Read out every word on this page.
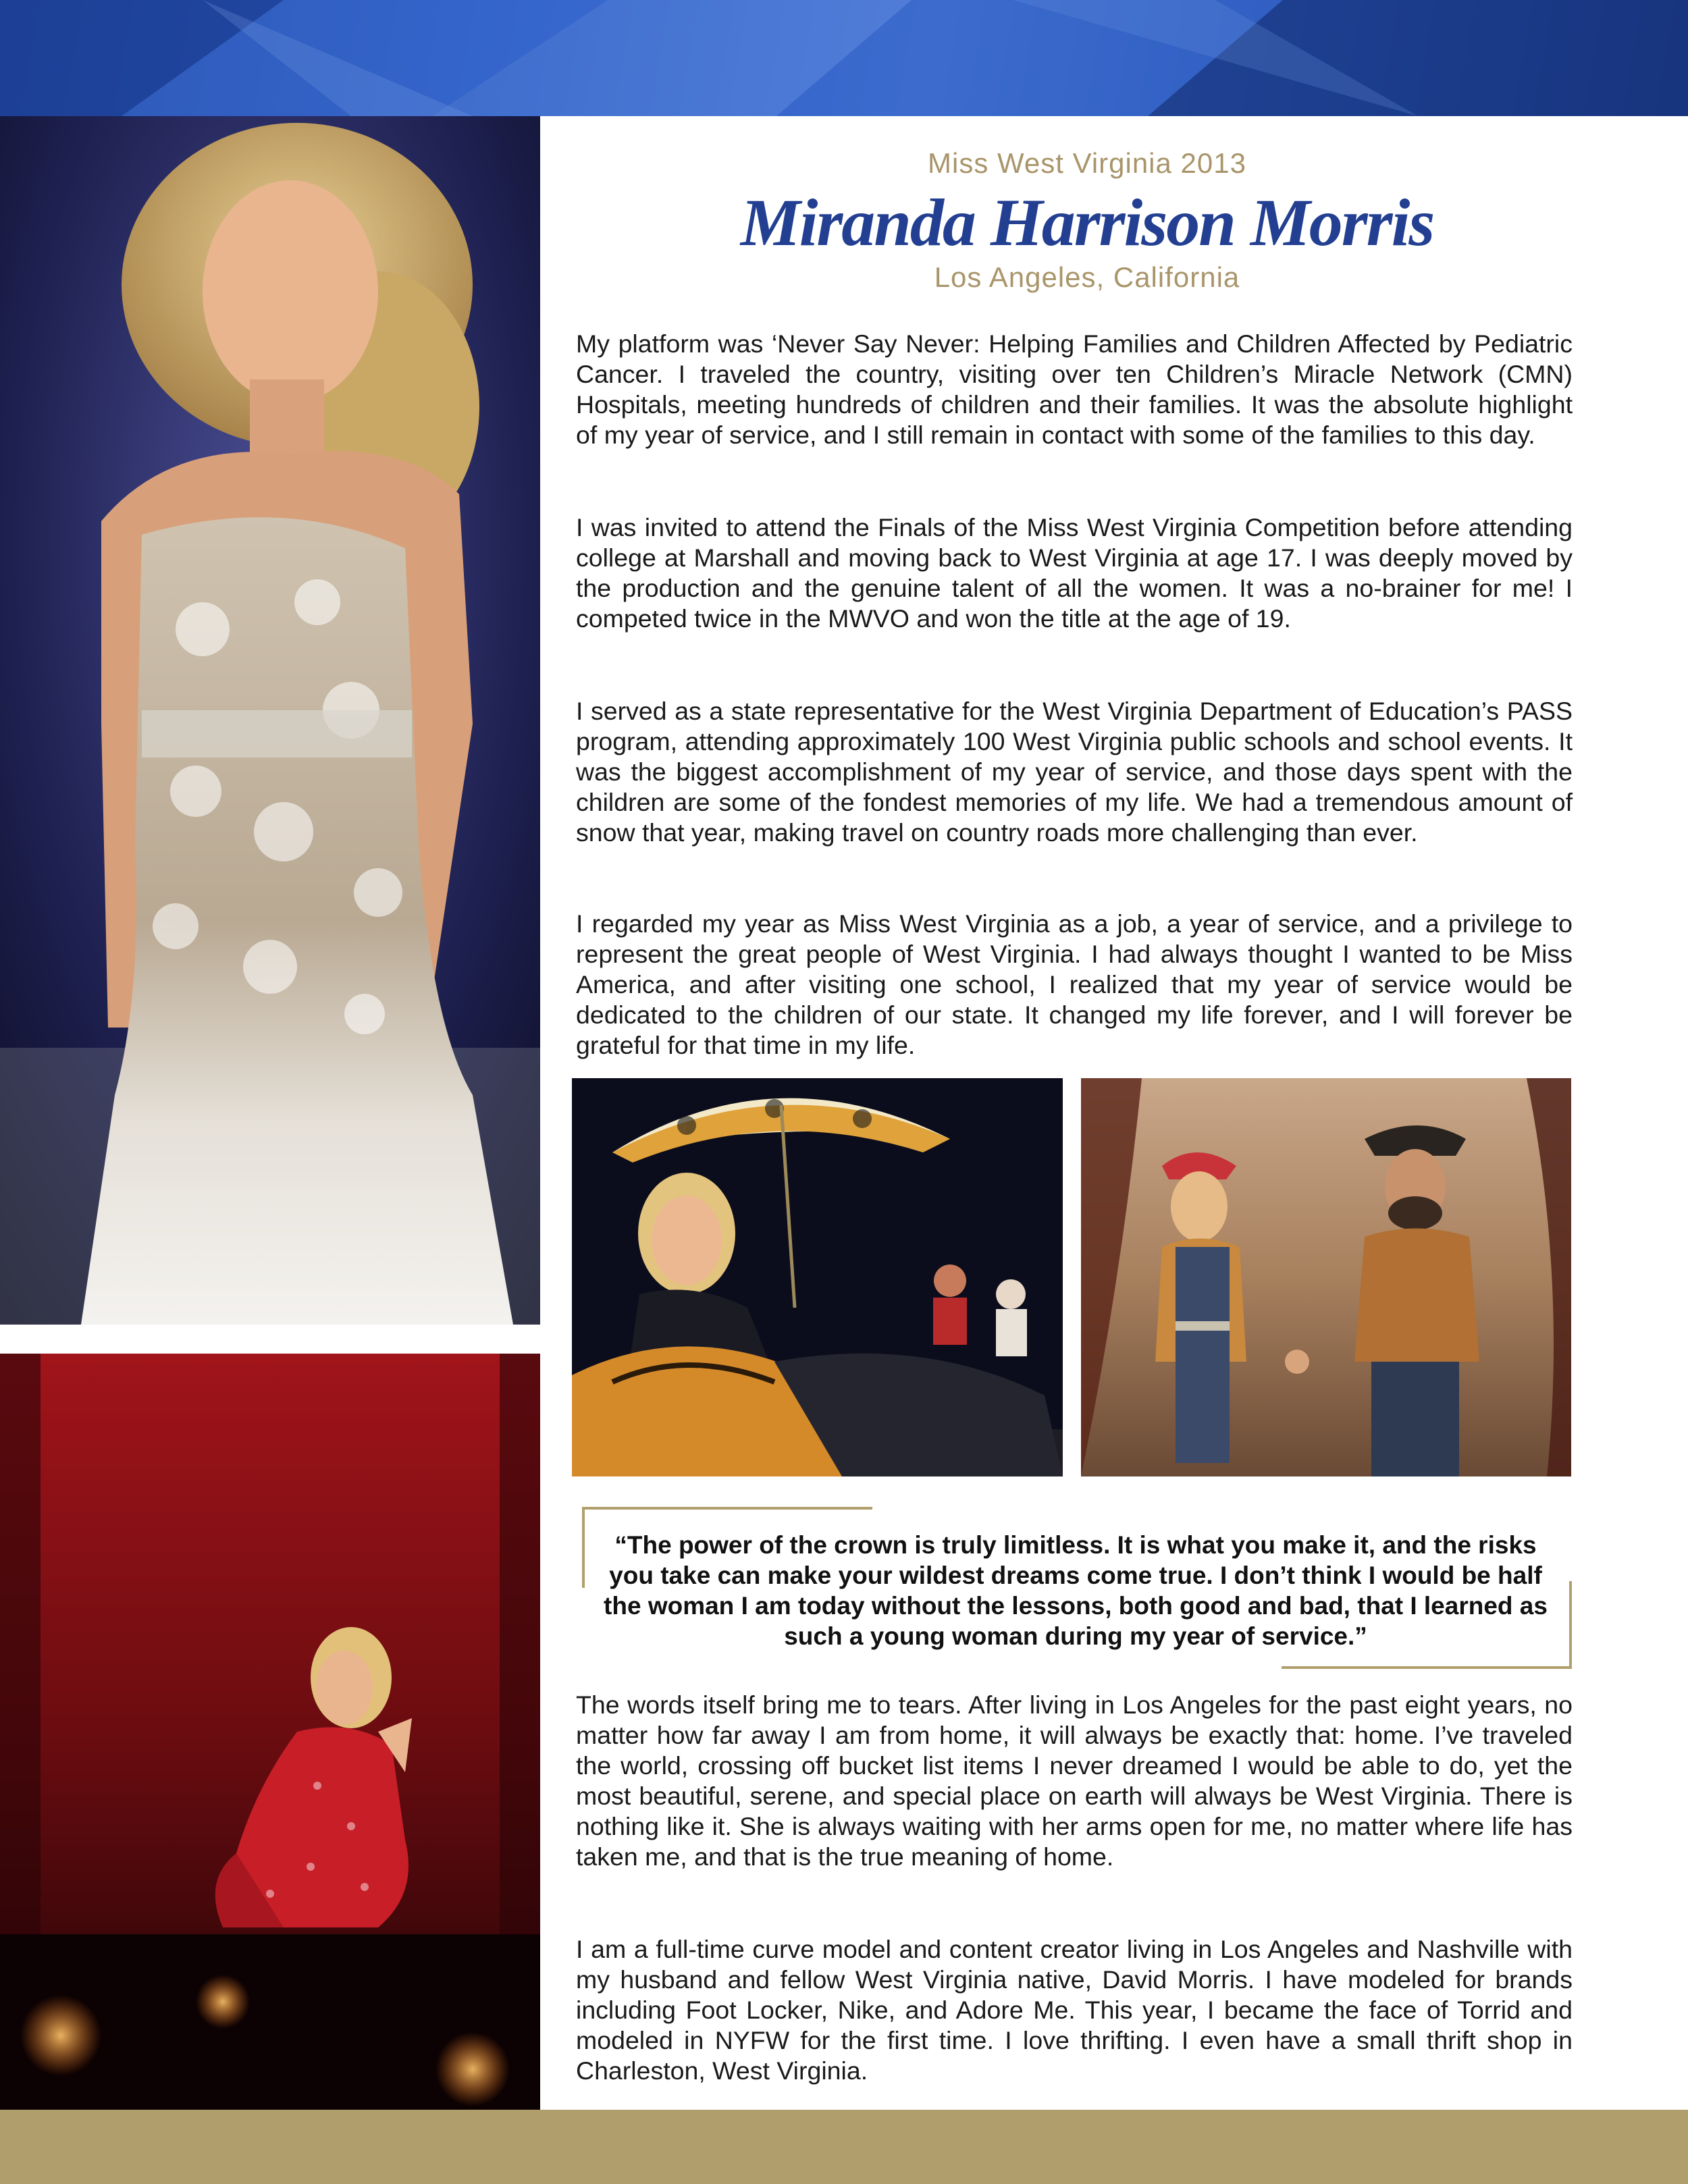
Miss West Virginia 2013
Miranda Harrison Morris
Los Angeles, California

My platform was ‘Never Say Never: Helping Families and Children Affected by Pediatric Cancer. I traveled the country, visiting over ten Children’s Miracle Network (CMN) Hospitals, meeting hundreds of children and their families. It was the absolute highlight of my year of service, and I still remain in contact with some of the families to this day.

I was invited to attend the Finals of the Miss West Virginia Competition before attending college at Marshall and moving back to West Virginia at age 17. I was deeply moved by the production and the genuine talent of all the women. It was a no-brainer for me! I competed twice in the MWVO and won the title at the age of 19.

I served as a state representative for the West Virginia Department of Education’s PASS program, attending approximately 100 West Virginia public schools and school events. It was the biggest accomplishment of my year of service, and those days spent with the children are some of the fondest memories of my life. We had a tremendous amount of snow that year, making travel on country roads more challenging than ever.

I regarded my year as Miss West Virginia as a job, a year of service, and a privilege to represent the great people of West Virginia. I had always thought I wanted to be Miss America, and after visiting one school, I realized that my year of service would be dedicated to the children of our state. It changed my life forever, and I will forever be grateful for that time in my life.

“The power of the crown is truly limitless. It is what you make it, and the risks you take can make your wildest dreams come true. I don’t think I would be half the woman I am today without the lessons, both good and bad, that I learned as such a young woman during my year of service.”

The words itself bring me to tears. After living in Los Angeles for the past eight years, no matter how far away I am from home, it will always be exactly that: home. I’ve traveled the world, crossing off bucket list items I never dreamed I would be able to do, yet the most beautiful, serene, and special place on earth will always be West Virginia. There is nothing like it. She is always waiting with her arms open for me, no matter where life has taken me, and that is the true meaning of home.

I am a full-time curve model and content creator living in Los Angeles and Nashville with my husband and fellow West Virginia native, David Morris. I have modeled for brands including Foot Locker, Nike, and Adore Me. This year, I became the face of Torrid and modeled in NYFW for the first time. I love thrifting. I even have a small thrift shop in Charleston, West Virginia.
